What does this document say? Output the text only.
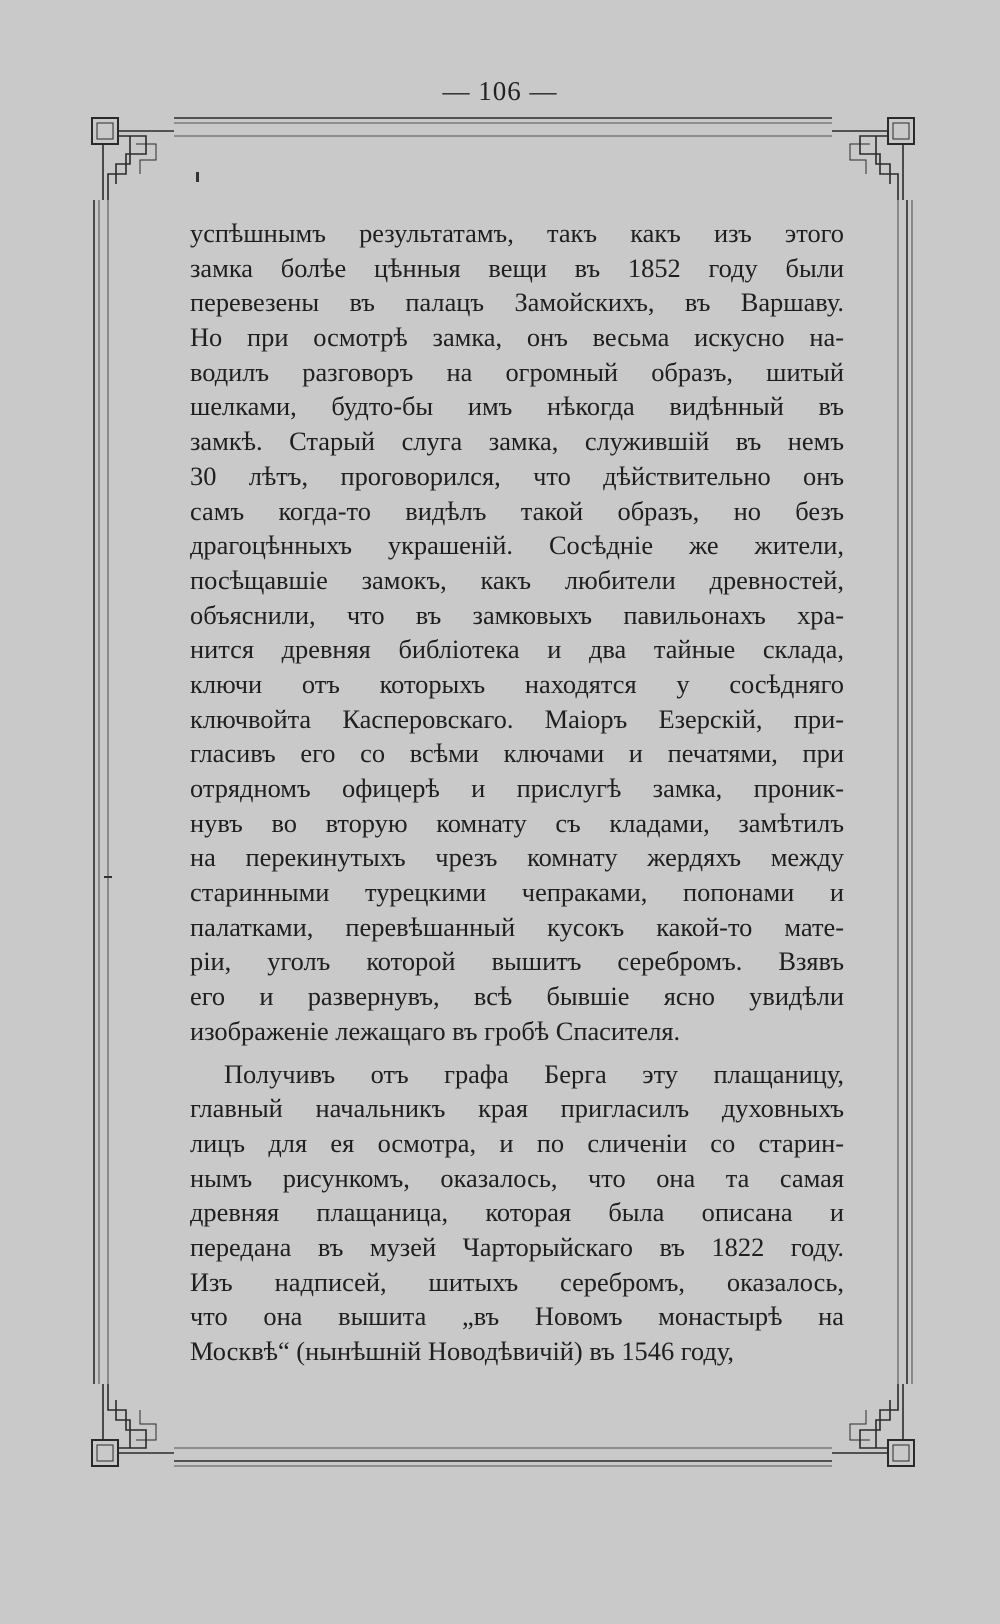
— 106 —
успѣшнымъ результатамъ, такъ какъ изъ этого
замка болѣе цѣнныя вещи въ 1852 году были
перевезены въ палацъ Замойскихъ, въ Варшаву.
Но при осмотрѣ замка, онъ весьма искусно на-
водилъ разговоръ на огромный образъ, шитый
шелками, будто-бы имъ нѣкогда видѣнный въ
замкѣ. Старый слуга замка, служившій въ немъ
30 лѣтъ, проговорился, что дѣйствительно онъ
самъ когда-то видѣлъ такой образъ, но безъ
драгоцѣнныхъ украшеній. Сосѣдніе же жители,
посѣщавшіе замокъ, какъ любители древностей,
объяснили, что въ замковыхъ павильонахъ хра-
нится древняя библіотека и два тайные склада,
ключи отъ которыхъ находятся у сосѣдняго
ключвойта Касперовскаго. Маіоръ Езерскій, при-
гласивъ его со всѣми ключами и печатями, при
отрядномъ офицерѣ и прислугѣ замка, проник-
нувъ во вторую комнату съ кладами, замѣтилъ
на перекинутыхъ чрезъ комнату жердяхъ между
старинными турецкими чепраками, попонами и
палатками, перевѣшанный кусокъ какой-то мате-
ріи, уголъ которой вышитъ серебромъ. Взявъ
его и развернувъ, всѣ бывшіе ясно увидѣли
изображеніе лежащаго въ гробѣ Спасителя.
Получивъ отъ графа Берга эту плащаницу,
главный начальникъ края пригласилъ духовныхъ
лицъ для ея осмотра, и по сличеніи со старин-
нымъ рисункомъ, оказалось, что она та самая
древняя плащаница, которая была описана и
передана въ музей Чарторыйскаго въ 1822 году.
Изъ надписей, шитыхъ серебромъ, оказалось,
что она вышита „въ Новомъ монастырѣ на
Москвѣ“ (нынѣшній Новодѣвичій) въ 1546 году,
